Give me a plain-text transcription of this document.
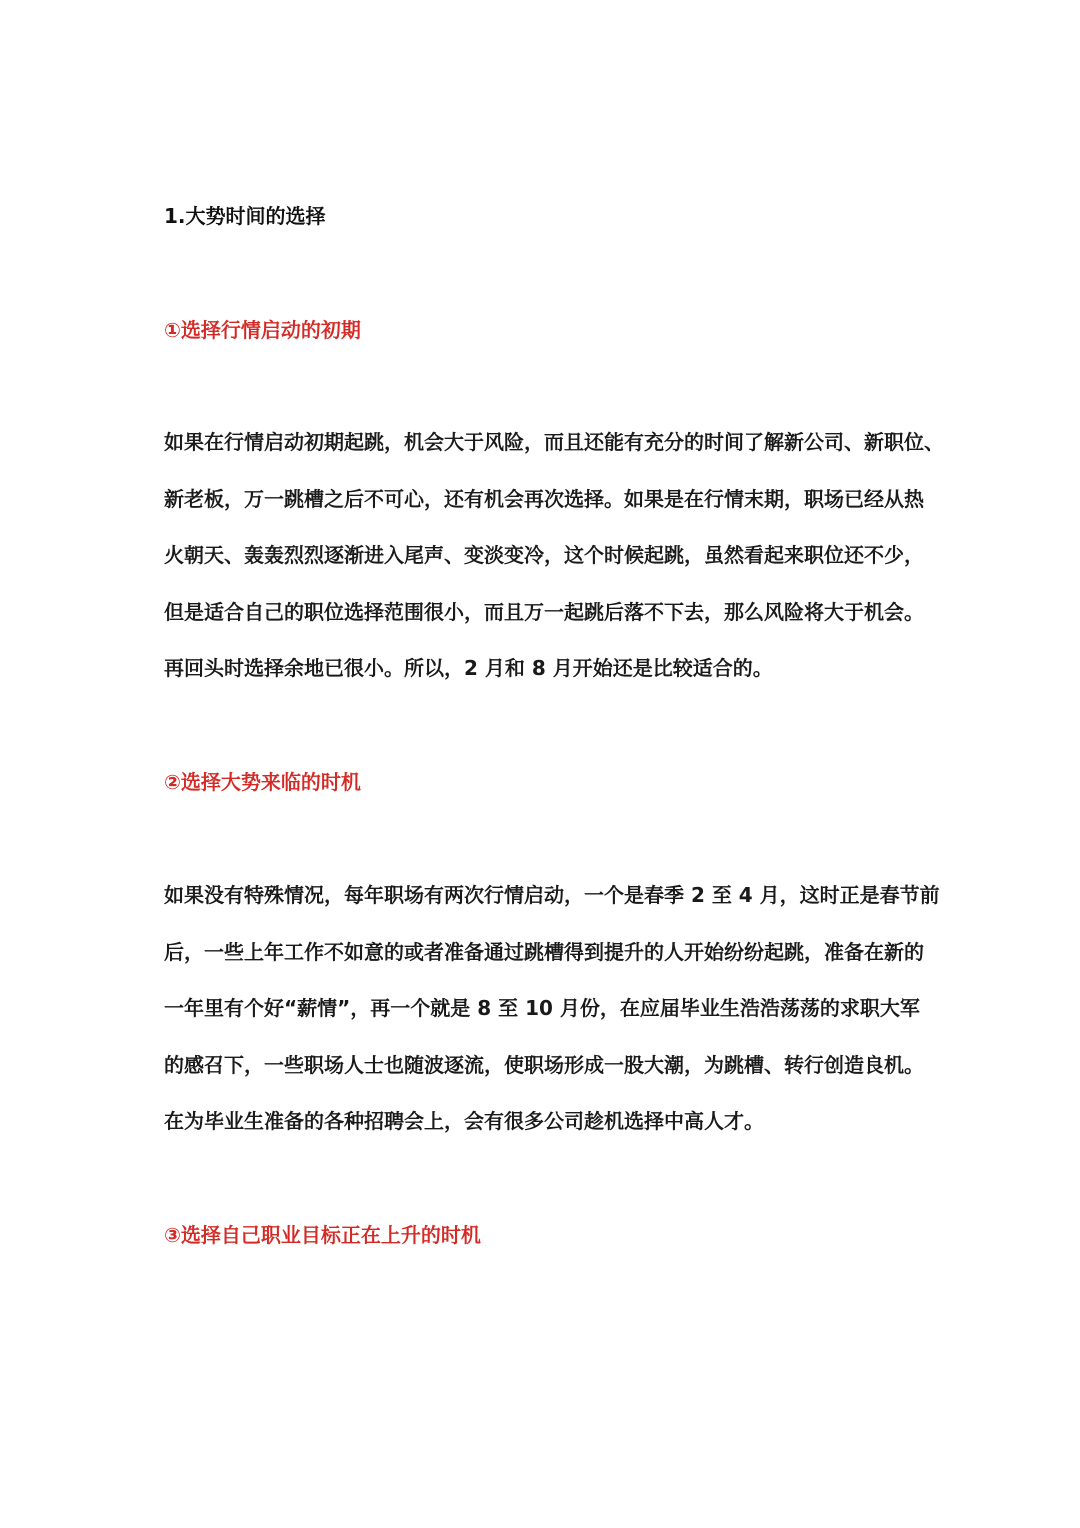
1.大势时间的选择
①选择行情启动的初期
如果在行情启动初期起跳，机会大于风险，而且还能有充分的时间了解新公司、新职位、
新老板，万一跳槽之后不可心，还有机会再次选择。如果是在行情末期，职场已经从热
火朝天、轰轰烈烈逐渐进入尾声、变淡变冷，这个时候起跳，虽然看起来职位还不少，
但是适合自己的职位选择范围很小，而且万一起跳后落不下去，那么风险将大于机会。
再回头时选择余地已很小。所以，2 月和 8 月开始还是比较适合的。
②选择大势来临的时机
如果没有特殊情况，每年职场有两次行情启动，一个是春季 2 至 4 月，这时正是春节前
后，一些上年工作不如意的或者准备通过跳槽得到提升的人开始纷纷起跳，准备在新的
一年里有个好“薪情”，再一个就是 8 至 10 月份，在应届毕业生浩浩荡荡的求职大军
的感召下，一些职场人士也随波逐流，使职场形成一股大潮，为跳槽、转行创造良机。
在为毕业生准备的各种招聘会上，会有很多公司趁机选择中高人才。
③选择自己职业目标正在上升的时机
